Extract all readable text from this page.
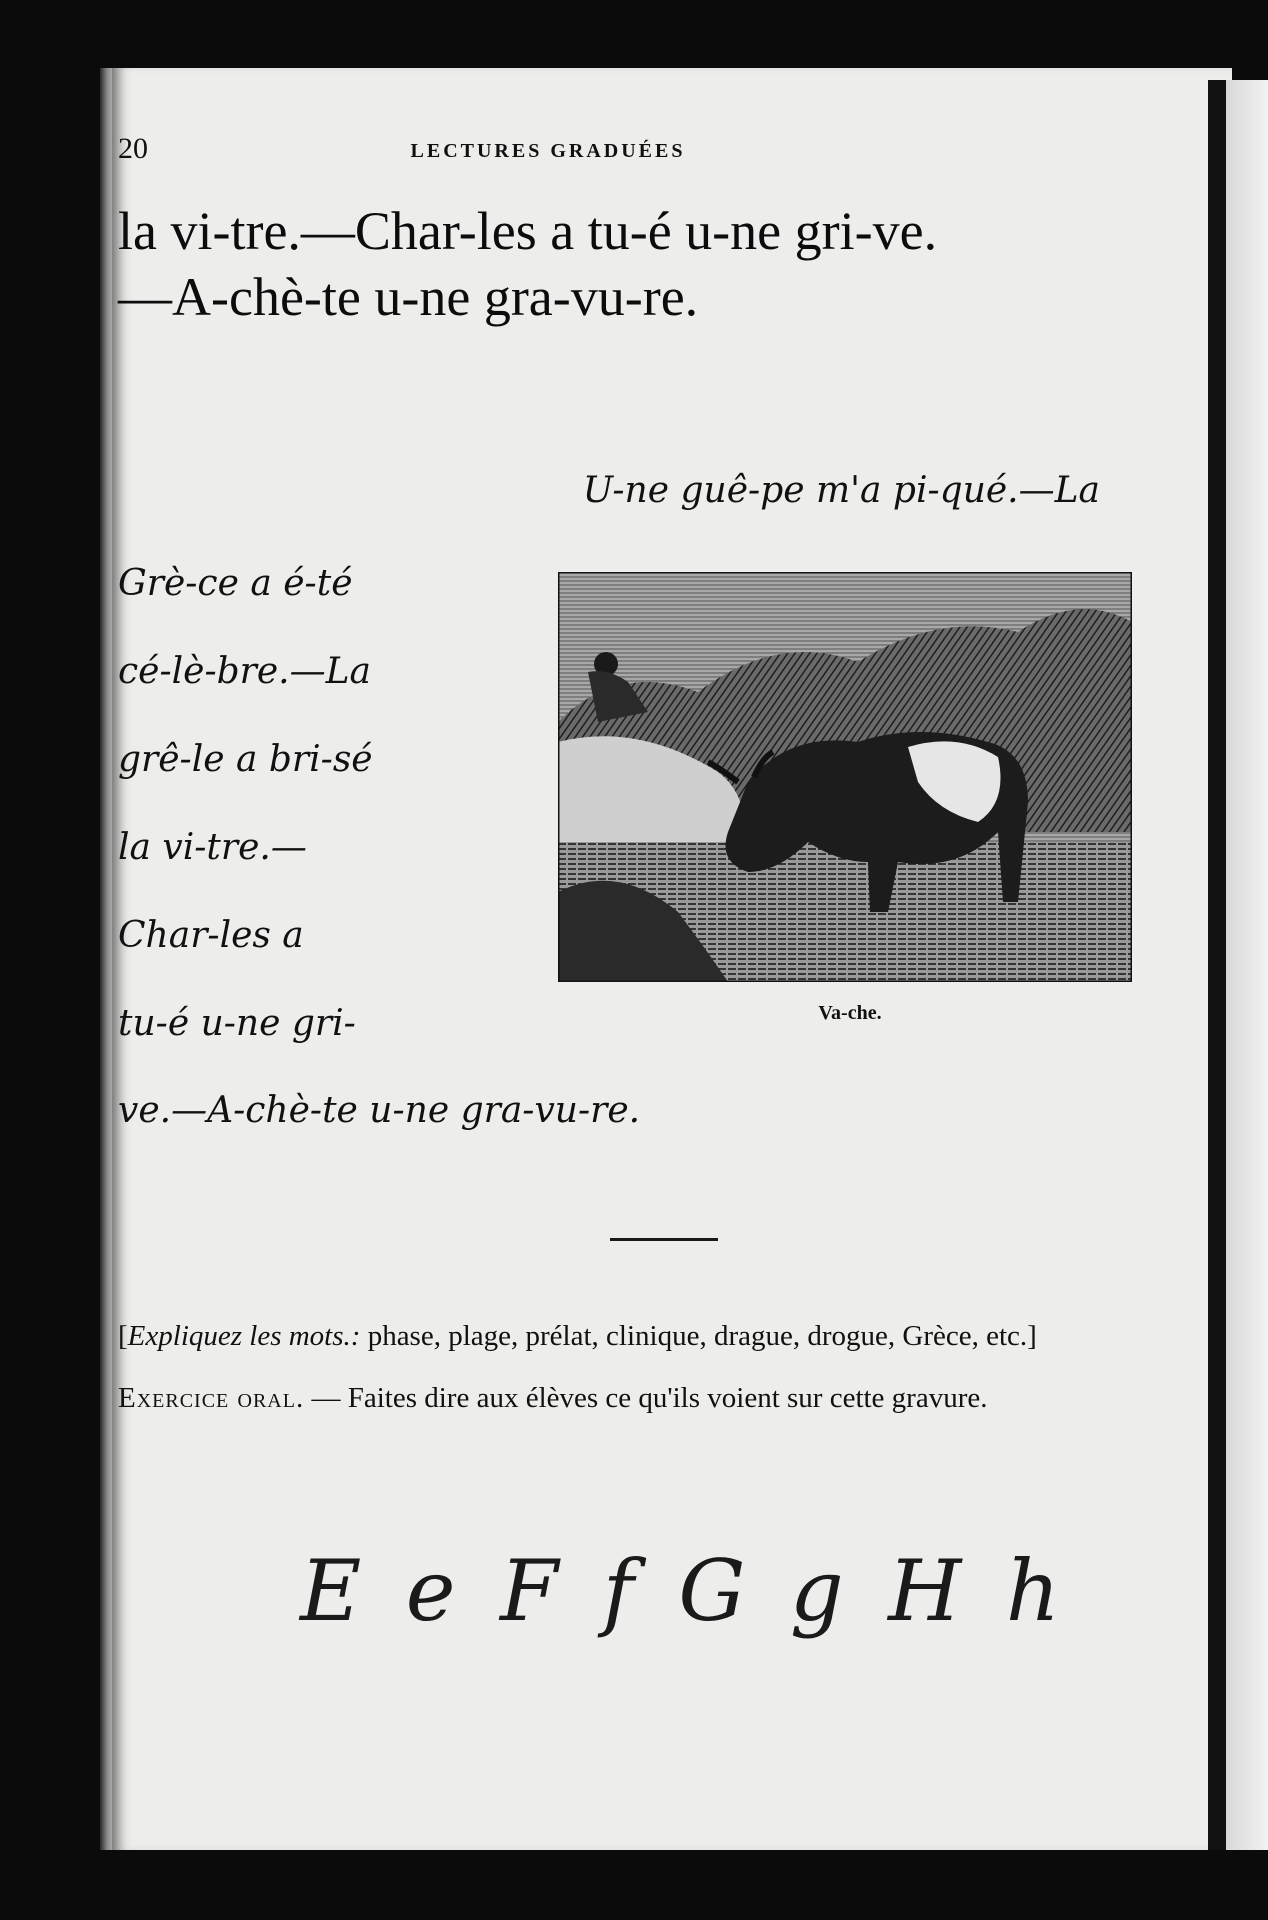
20	LECTURES GRADUÉES
la vi-tre.—Char-les a tu-é u-ne gri-ve.
—A-chè-te u-ne gra-vu-re.
U-ne guê-pe m'a pi-qué.—La
Grè-ce a é-té
cé-lè-bre.—La
grê-le a bri-sé
la vi-tre.—
Char-les a
tu-é u-ne gri-
ve.—A-chè-te u-ne gra-vu-re.
Va-che.

[Expliquez les mots.: phase, plage, prélat, clinique, drague, drogue, Grèce, etc.]

Exercice oral. — Faites dire aux élèves ce qu'ils voient sur cette gravure.

E e F f G g H h
